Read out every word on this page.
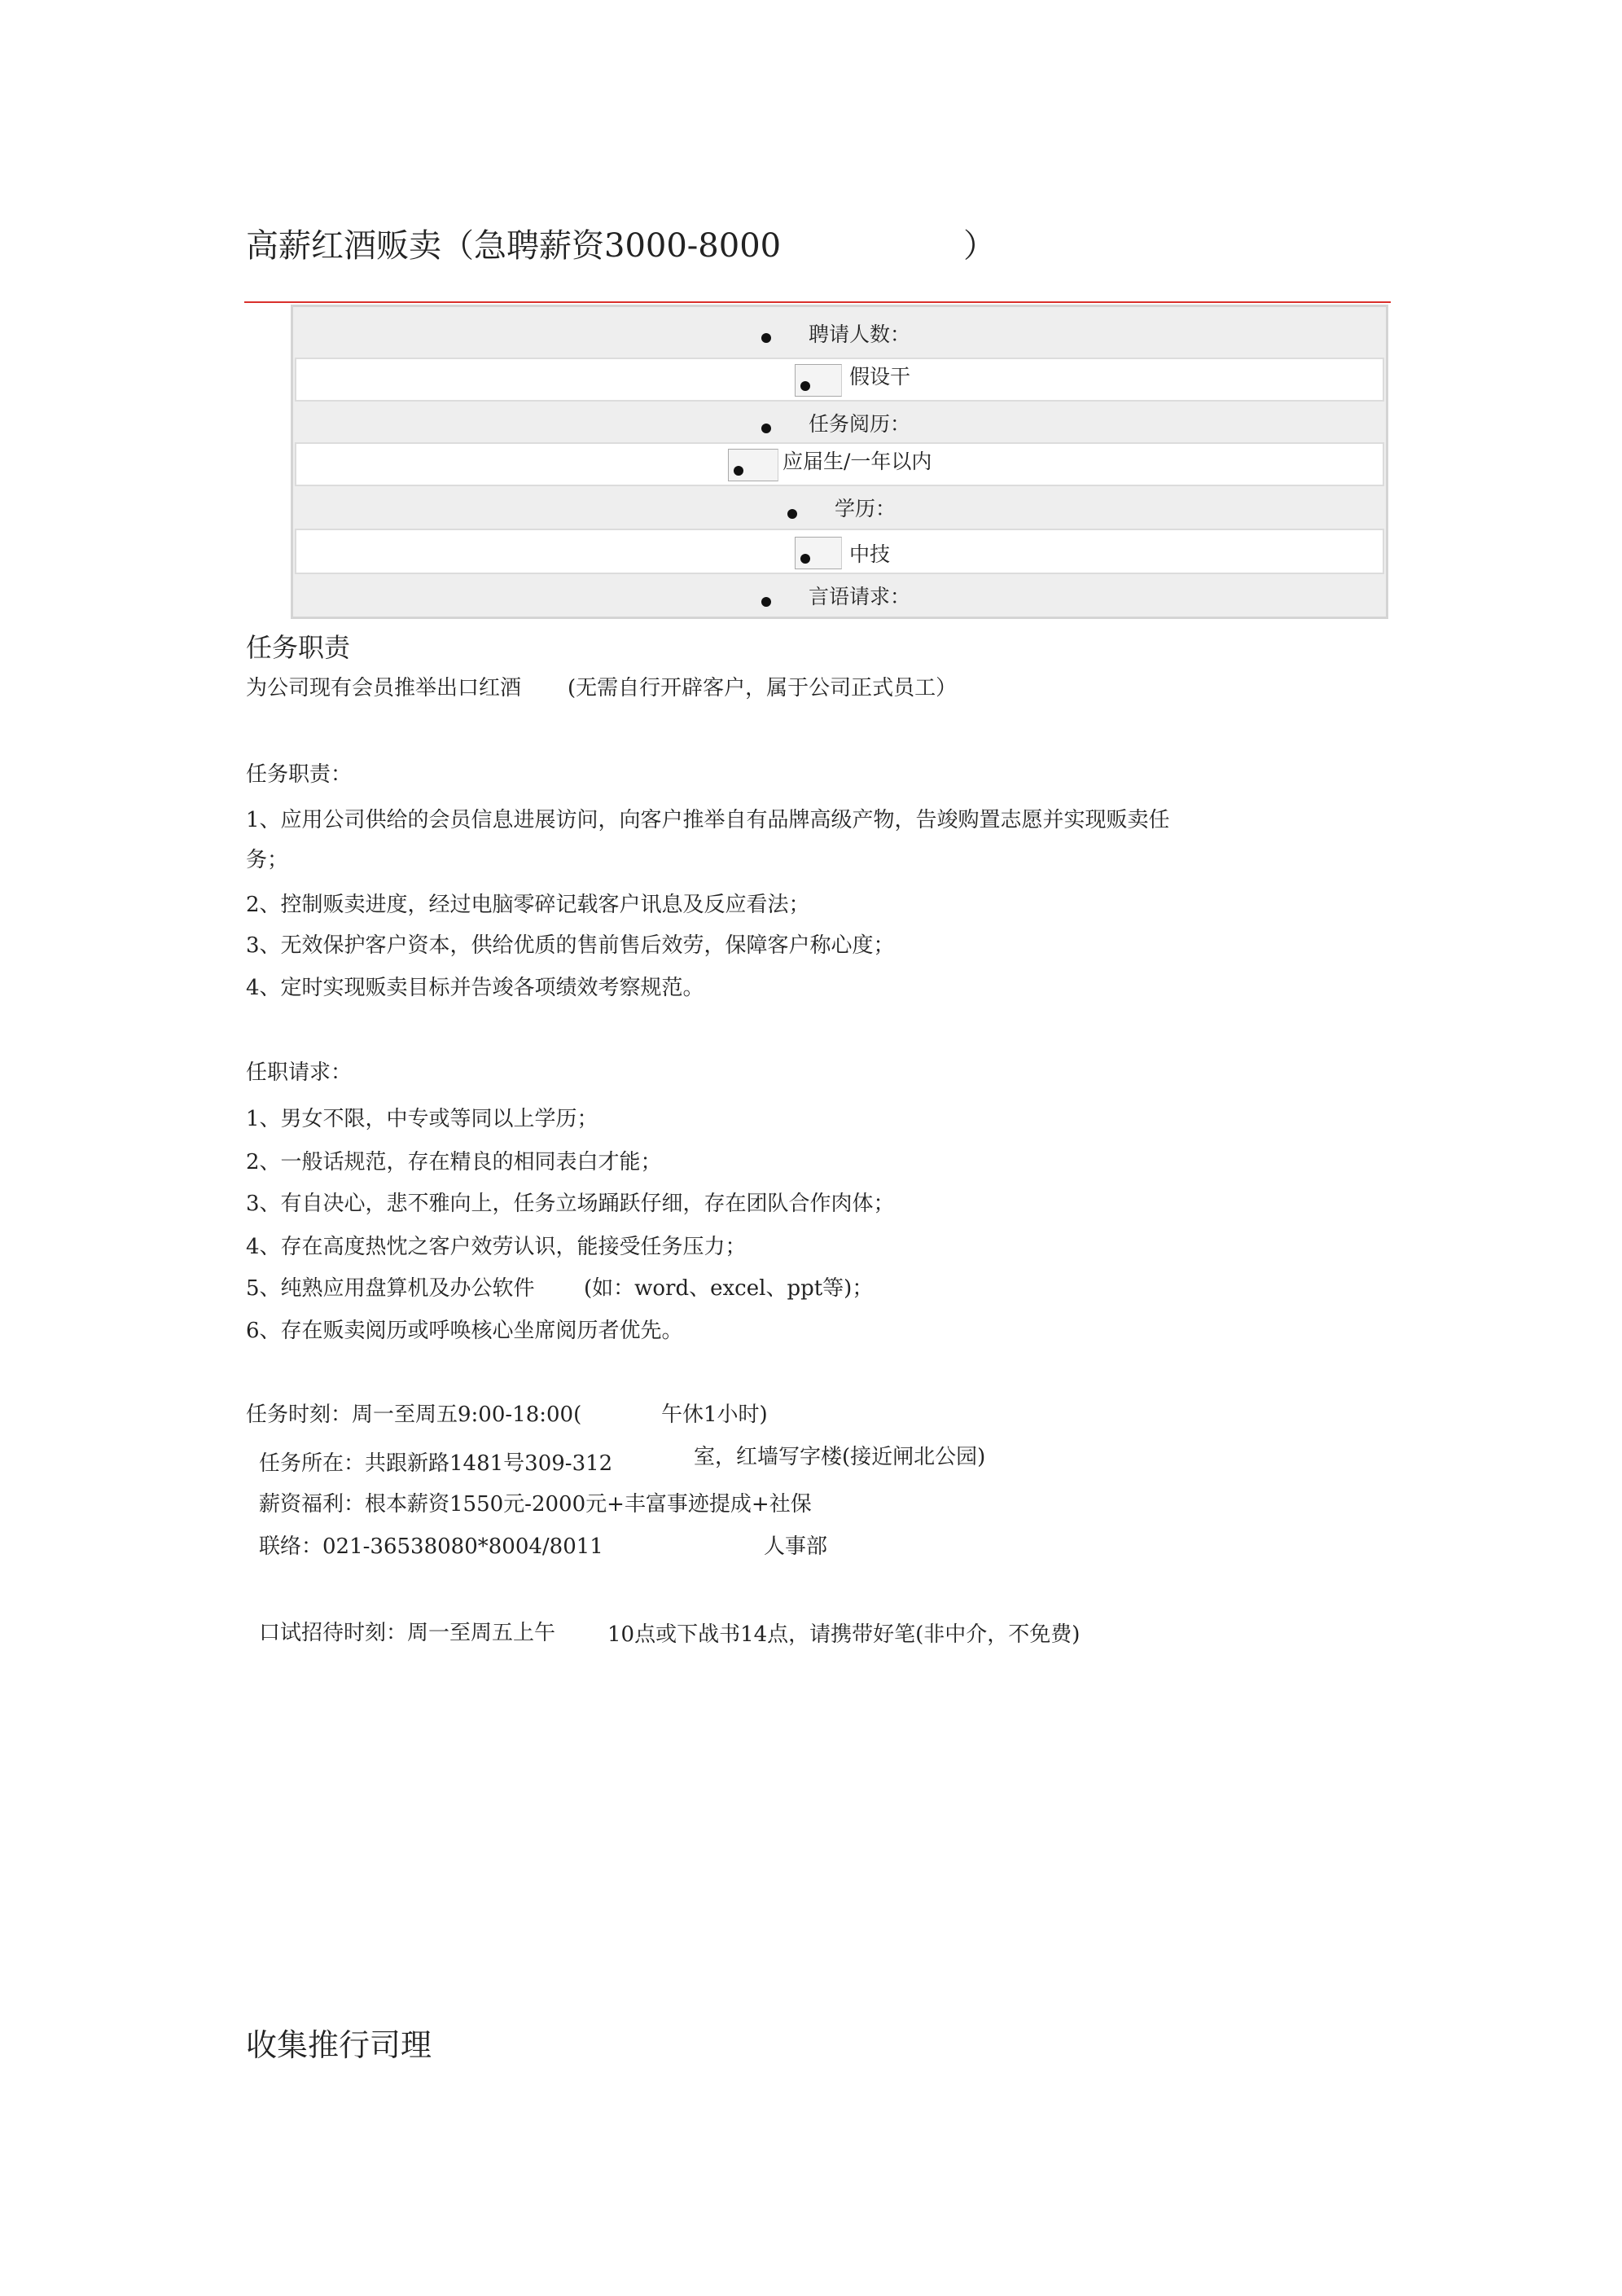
高薪红酒贩卖（急聘薪资3000-8000	）
聘请人数：
假设干
任务阅历：
应届生/一年以内
学历：
中技
言语请求：
任务职责
为公司现有会员推举出口红酒 (无需自行开辟客户，属于公司正式员工）
任务职责：
1、应用公司供给的会员信息进展访问，向客户推举自有品牌高级产物，告竣购置志愿并实现贩卖任
务；
2、控制贩卖进度，经过电脑零碎记载客户讯息及反应看法；
3、无效保护客户资本，供给优质的售前售后效劳，保障客户称心度；
4、定时实现贩卖目标并告竣各项绩效考察规范。
任职请求：
1、男女不限，中专或等同以上学历；
2、一般话规范，存在精良的相同表白才能；
3、有自决心，悲不雅向上，任务立场踊跃仔细，存在团队合作肉体；
4、存在高度热忱之客户效劳认识，能接受任务压力；
5、纯熟应用盘算机及办公软件 (如：word、excel、ppt等)；
6、存在贩卖阅历或呼唤核心坐席阅历者优先。
任务时刻：周一至周五9:00-18:00(	午休1小时)
任务所在：共跟新路1481号309-312	室，红墙写字楼(接近闸北公园)
薪资福利：根本薪资1550元-2000元+丰富事迹提成+社保
联络：021-36538080*8004/8011	人事部
口试招待时刻：周一至周五上午 10点或下战书14点，请携带好笔(非中介，不免费)
收集推行司理
